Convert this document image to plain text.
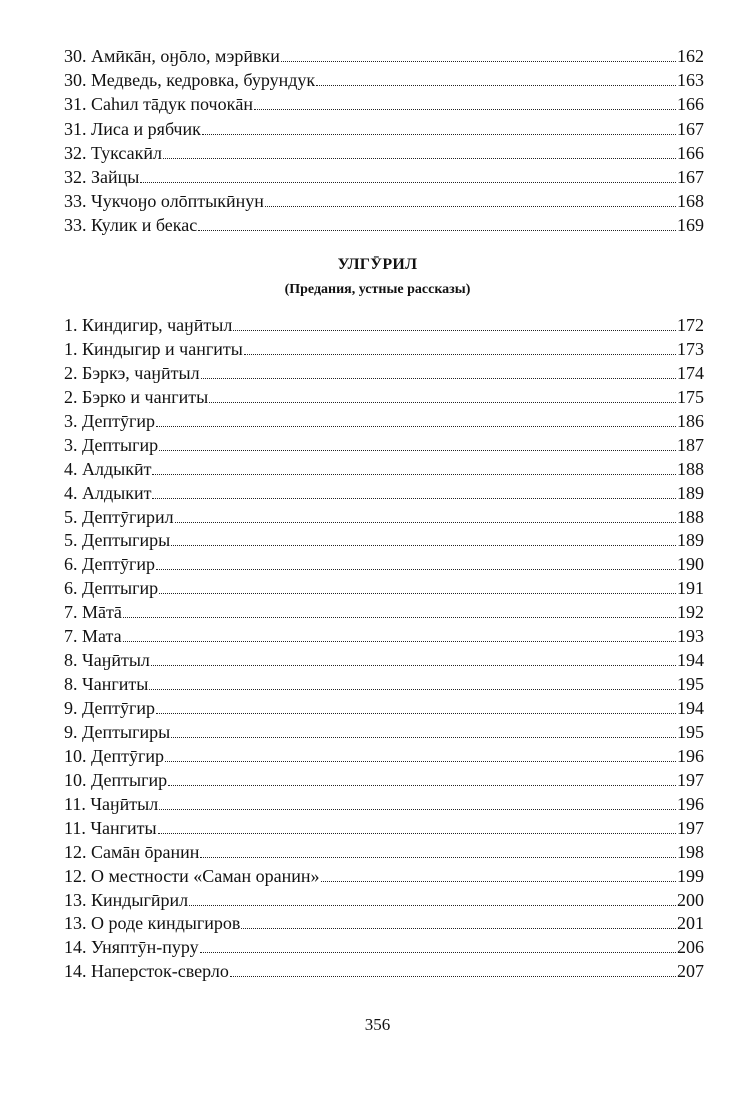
30. Амӣкāн, оӈōло, мэрӣвки	162
30. Медведь, кедровка, бурундук	163
31. Саһил тāдук почокāн	166
31. Лиса и рябчик	167
32. Туксакӣл	166
32. Зайцы	167
33. Чукчоӈо олōптыкӣнун	168
33. Кулик и бекас	169
УЛГӮРИЛ
(Предания, устные рассказы)
1. Киндигир, чаӈӣтыл	172
1. Киндыгир и чангиты	173
2. Бэркэ, чаӈӣтыл	174
2. Бэрко и чангиты	175
3. Дептӯгир	186
3. Дептыгир	187
4. Алдыкӣт	188
4. Алдыкит	189
5. Дептӯгирил	188
5. Дептыгиры	189
6. Дептӯгир	190
6. Дептыгир	191
7. Мāтā	192
7. Мата	193
8. Чаӈӣтыл	194
8. Чангиты	195
9. Дептӯгир	194
9. Дептыгиры	195
10. Дептӯгир	196
10. Дептыгир	197
11. Чаӈӣтыл	196
11. Чангиты	197
12. Самāн ōранин	198
12. О местности «Саман оранин»	199
13. Киндыгӣрил	200
13. О роде киндыгиров	201
14. Уняптӯн-пуру	206
14. Наперсток-сверло	207
356
